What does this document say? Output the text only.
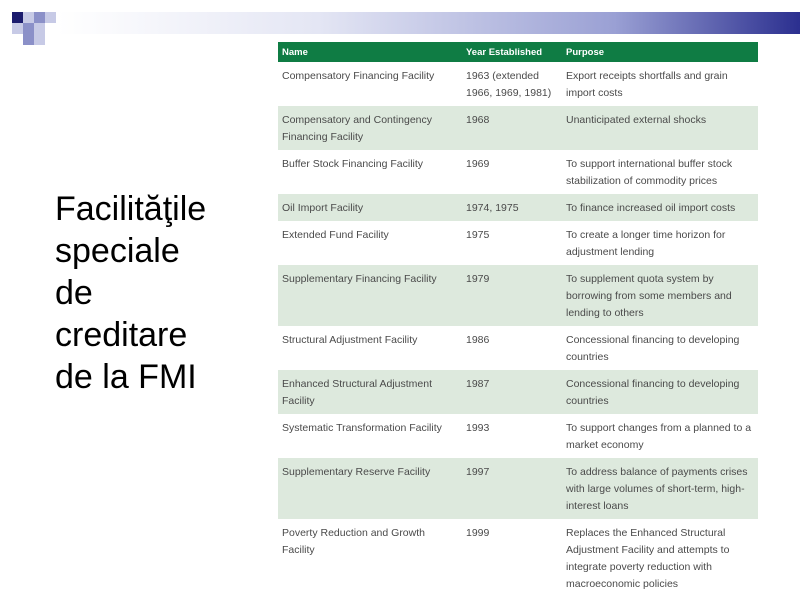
Facilităţile
speciale
de
creditare
de la FMI
Name	Year Established	Purpose
Compensatory Financing Facility	1963 (extended 1966, 1969, 1981)	Export receipts shortfalls and grain import costs
Compensatory and Contingency Financing Facility	1968	Unanticipated external shocks
Buffer Stock Financing Facility	1969	To support international buffer stock stabilization of commodity prices
Oil Import Facility	1974, 1975	To finance increased oil import costs
Extended Fund Facility	1975	To create a longer time horizon for adjustment lending
Supplementary Financing Facility	1979	To supplement quota system by borrowing from some members and lending to others
Structural Adjustment Facility	1986	Concessional financing to developing countries
Enhanced Structural Adjustment Facility	1987	Concessional financing to developing countries
Systematic Transformation Facility	1993	To support changes from a planned to a market economy
Supplementary Reserve Facility	1997	To address balance of payments crises with large volumes of short-term, high-interest loans
Poverty Reduction and Growth Facility	1999	Replaces the Enhanced Structural Adjustment Facility and attempts to integrate poverty reduction with macroeconomic policies
